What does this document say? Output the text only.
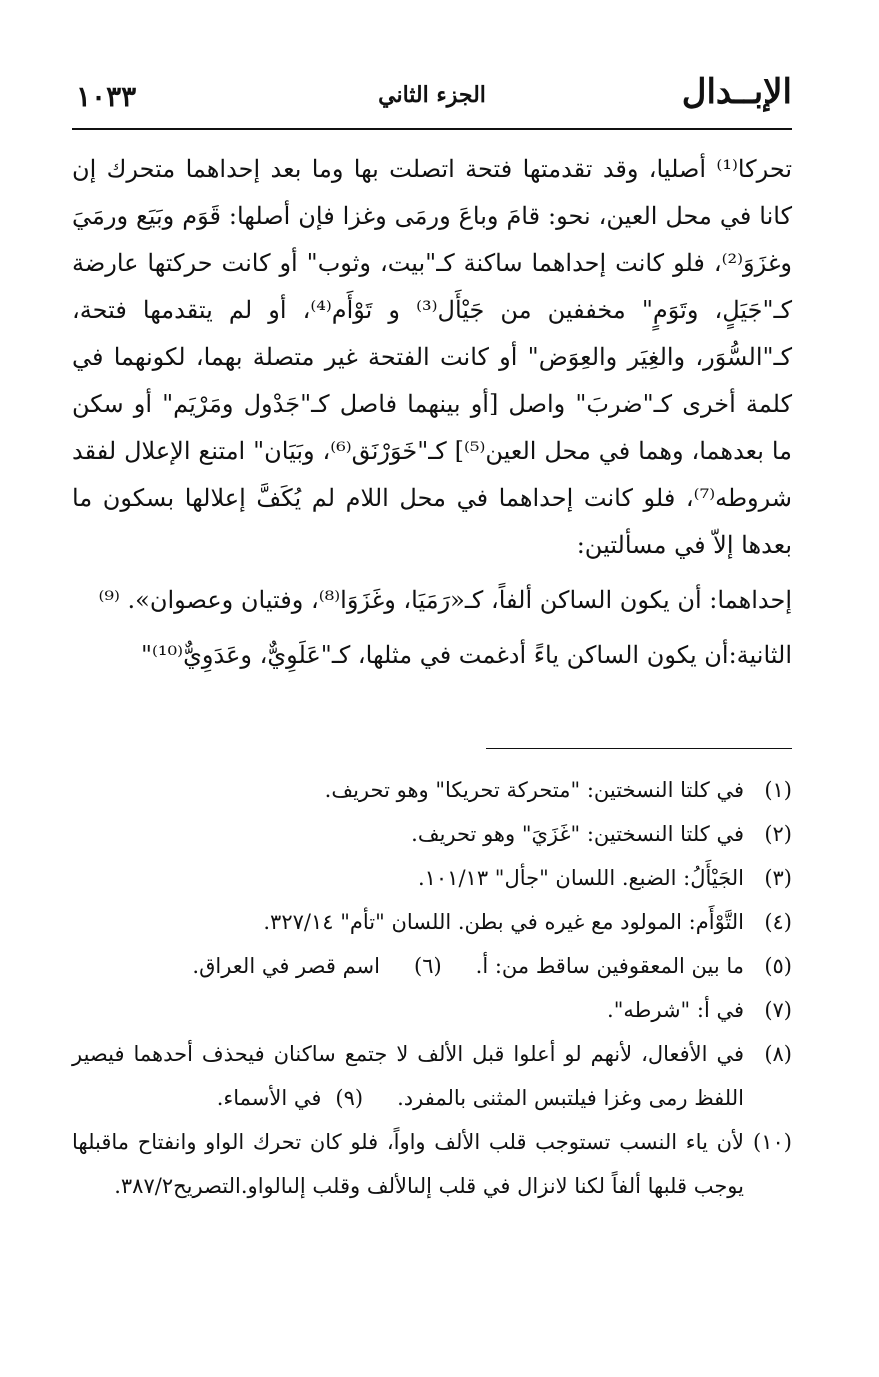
الإبــدال
الجزء الثاني
١٠٣٣

تحركا⁽¹⁾ أصليا، وقد تقدمتها فتحة اتصلت بها وما بعد إحداهما متحرك إن كانا في محل العين، نحو: قامَ وباعَ ورمَى وغزا فإن أصلها: قَوَم وبَيَع ورمَيَ وغزَوَ⁽²⁾، فلو كانت إحداهما ساكنة كـ"بيت، وثوب" أو كانت حركتها عارضة كـ"جَيَلٍ، وتَوَمٍ" مخففين من جَيْأَل⁽³⁾ و تَوْأَم⁽⁴⁾، أو لم يتقدمها فتحة، كـ"السُّوَر، والغِيَر والعِوَض" أو كانت الفتحة غير متصلة بهما، لكونهما في كلمة أخرى كـ"ضربَ" واصل [أو بينهما فاصل كـ"جَدْول ومَرْيَم" أو سكن ما بعدهما، وهما في محل العين⁽⁵⁾] كـ"خَوَرْنَق⁽⁶⁾، وبَيَان" امتنع الإعلال لفقد شروطه⁽⁷⁾، فلو كانت إحداهما في محل اللام لم يُكَفَّ إعلالها بسكون ما بعدها إلاّ في مسألتين:

إحداهما: أن يكون الساكن ألفاً، كـ«رَمَيَا، وغَزَوَا⁽⁸⁾، وفتيان وعصوان». ⁽⁹⁾

الثانية:أن يكون الساكن ياءً أدغمت في مثلها، كـ"عَلَوِيٌّ، وعَدَوِيٌّ⁽¹⁰⁾"

(١)
في كلتا النسختين: "متحركة تحريكا" وهو تحريف.
(٢)
في كلتا النسختين: "غَزَيَ" وهو تحريف.
(٣)
الجَيْأَلُ: الضبع. اللسان "جأل" ١٠١/١٣.
(٤)
التَّوْأَم: المولود مع غيره في بطن. اللسان "تأم" ٣٢٧/١٤.
(٥)
ما بين المعقوفين ساقط من: أ.(٦)اسم قصر في العراق.
(٧)
في أ: "شرطه".
(٨)
في الأفعال، لأنهم لو أعلوا قبل الألف لا جتمع ساكنان فيحذف أحدهما فيصير اللفظ رمى وغزا فيلتبس المثنى بالمفرد.(٩)في الأسماء.
(١٠)
لأن ياء النسب تستوجب قلب الألف واواً، فلو كان تحرك الواو وانفتاح ماقبلها يوجب قلبها ألفاً لكنا لانزال في قلب إلىالألف وقلب إلىالواو.التصريح٣٨٧/٢.
